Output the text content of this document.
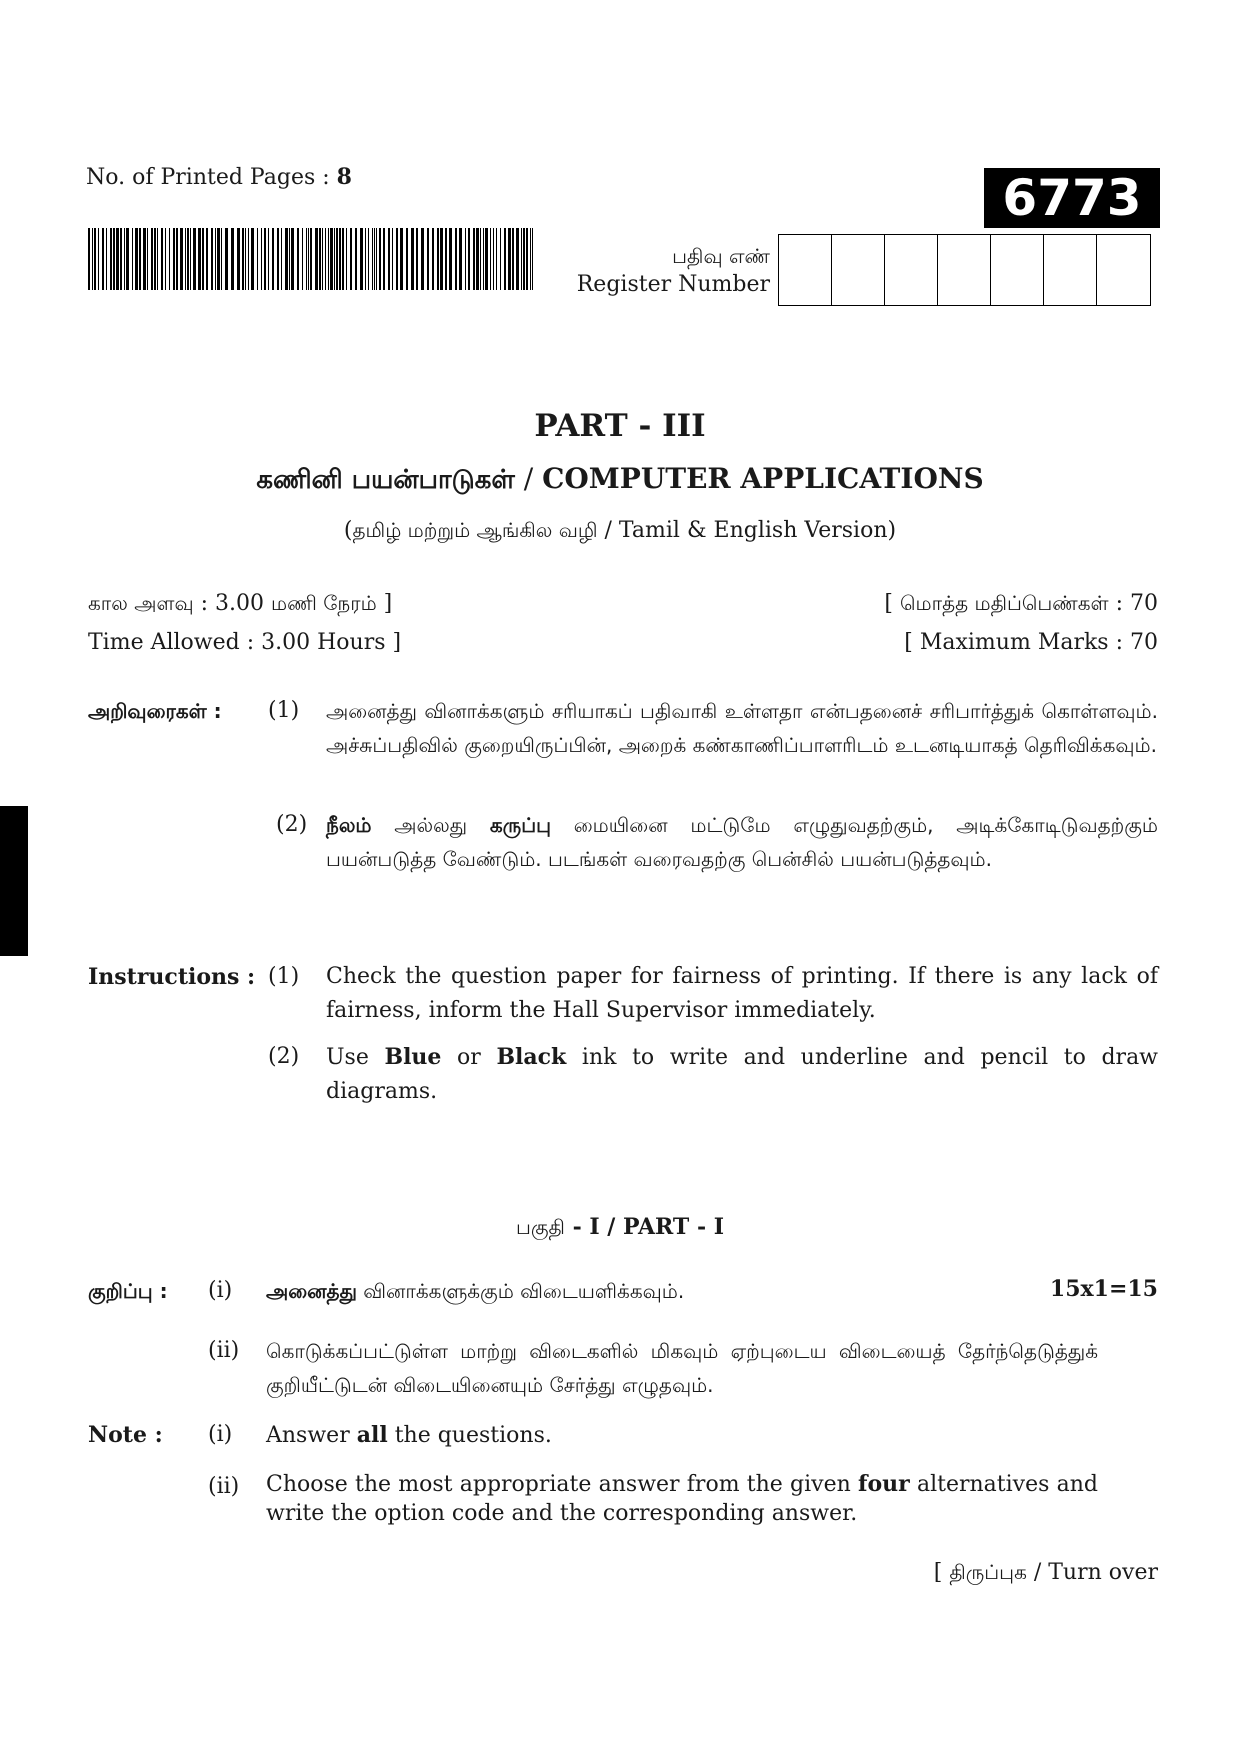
No. of Printed Pages : 8	6773
பதிவு எண்
Register Number
PART - III
கணினி பயன்பாடுகள் / COMPUTER APPLICATIONS
(தமிழ் மற்றும் ஆங்கில வழி / Tamil & English Version)
கால அளவு : 3.00 மணி நேரம் ]
Time Allowed : 3.00 Hours ]
[ மொத்த மதிப்பெண்கள் : 70
[ Maximum Marks : 70
அறிவுரைகள் : (1) அனைத்து வினாக்களும் சரியாகப் பதிவாகி உள்ளதா என்பதனைச் சரிபார்த்துக் கொள்ளவும். அச்சுப்பதிவில் குறையிருப்பின், அறைக் கண்காணிப்பாளரிடம் உடனடியாகத் தெரிவிக்கவும்.
(2) நீலம் அல்லது கருப்பு மையினை மட்டுமே எழுதுவதற்கும், அடிக்கோடிடுவதற்கும் பயன்படுத்த வேண்டும். படங்கள் வரைவதற்கு பென்சில் பயன்படுத்தவும்.
Instructions : (1) Check the question paper for fairness of printing. If there is any lack of fairness, inform the Hall Supervisor immediately.
(2) Use Blue or Black ink to write and underline and pencil to draw diagrams.
பகுதி - I / PART - I
குறிப்பு : (i) அனைத்து வினாக்களுக்கும் விடையளிக்கவும்.	15x1=15
(ii) கொடுக்கப்பட்டுள்ள மாற்று விடைகளில் மிகவும் ஏற்புடைய விடையைத் தேர்ந்தெடுத்துக் குறியீட்டுடன் விடையினையும் சேர்த்து எழுதவும்.
Note : (i) Answer all the questions.
(ii) Choose the most appropriate answer from the given four alternatives and write the option code and the corresponding answer.
[ திருப்புக / Turn over
